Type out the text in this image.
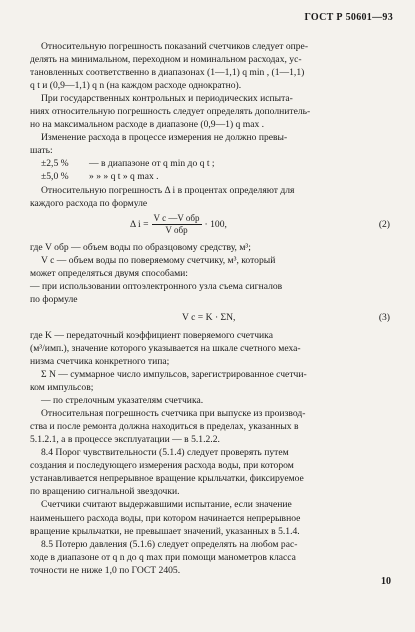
ГОСТ Р 50601—93

Относительную погрешность показаний счетчиков следует опре-
делять на минимальном, переходном и номинальном расходах, ус-
тановленных соответственно в диапазонах (1—1,1) q min , (1—1,1)
q t и (0,9—1,1) q n (на каждом расходе однократно).

При государственных контрольных и периодических испыта-
ниях относительную погрешность следует определять дополнитель-
но на максимальном расходе в диапазоне (0,9—1) q max .

Изменение расхода в процессе измерения не должно превы-
шать:

±2,5 %	— в диапазоне от q min до q t ;
±5,0 %	» » » q t » q max .

Относительную погрешность Δ i в процентах определяют для
каждого расхода по формуле

Δ $i = \frac{\text{V c —V обр}}{\text{V обр}} \cdot 100$,	(2)

где V обр — объем воды по образцовому средству, м³;

V c — объем воды по поверяемому счетчику, м³, который
может определяться двумя способами:
— при использовании оптоэлектронного узла съема сигналов
по формуле

V c = K · ΣN,	(3)

где K — передаточный коэффициент поверяемого счетчика
(м³/имп.), значение которого указывается на шкале счетного меха-
низма счетчика конкретного типа;

Σ N — суммарное число импульсов, зарегистрированное счетчи-
ком импульсов;

— по стрелочным указателям счетчика.

Относительная погрешность счетчика при выпуске из производ-
ства и после ремонта должна находиться в пределах, указанных в
5.1.2.1, а в процессе эксплуатации — в 5.1.2.2.

8.4 Порог чувствительности (5.1.4) следует проверять путем
создания и последующего измерения расхода воды, при котором
устанавливается непрерывное вращение крыльчатки, фиксируемое
по вращению сигнальной звездочки.

Счетчики считают выдержавшими испытание, если значение
наименьшего расхода воды, при котором начинается непрерывное
вращение крыльчатки, не превышает значений, указанных в 5.1.4.

8.5 Потерю давления (5.1.6) следует определять на любом рас-
ходе в диапазоне от q n до q max при помощи манометров класса
точности не ниже 1,0 по ГОСТ 2405.

10
